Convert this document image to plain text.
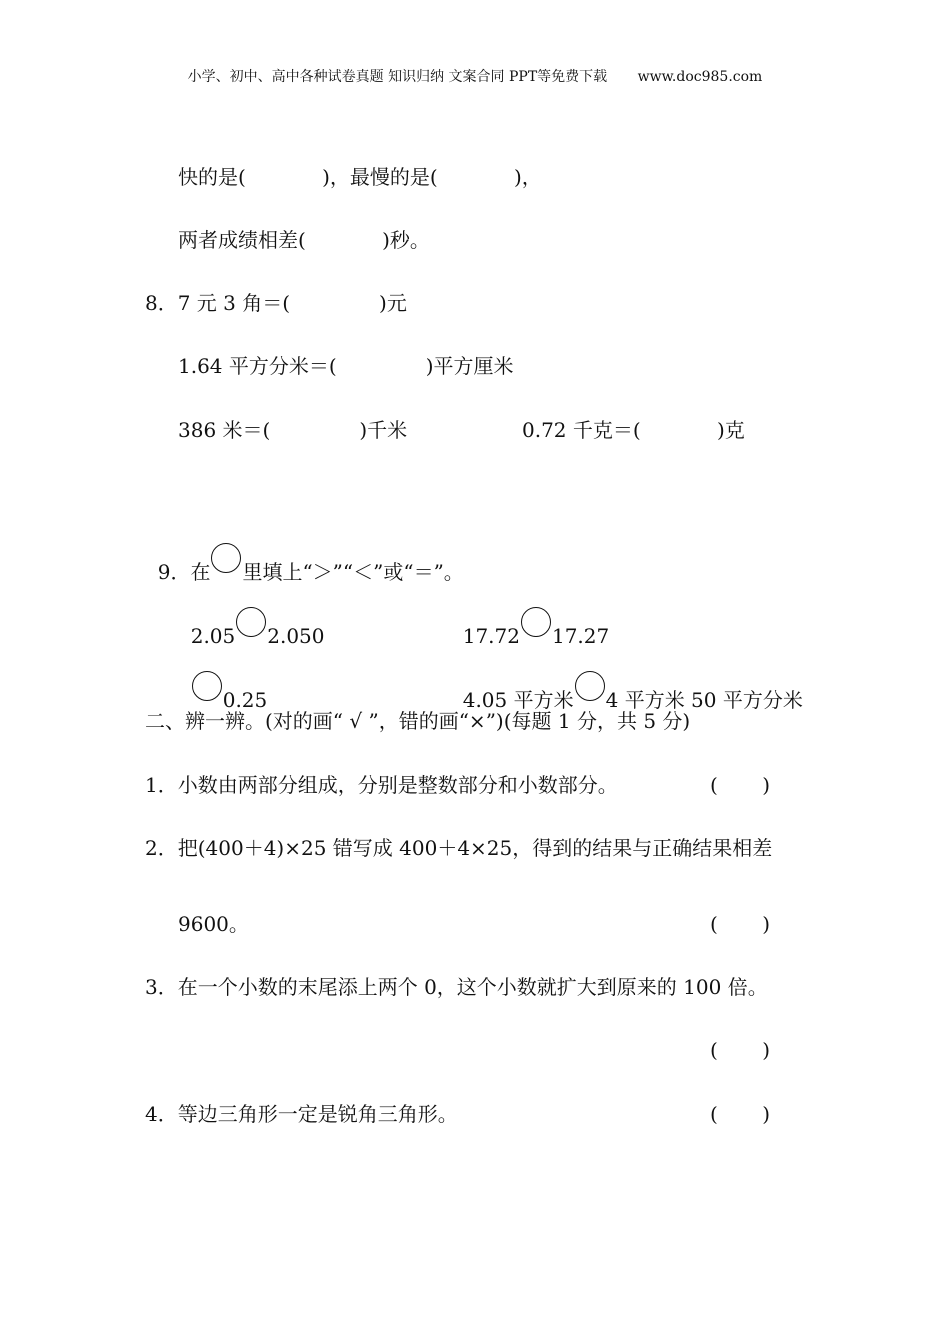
小学、初中、高中各种试卷真题 知识归纳 文案合同 PPT等免费下载 www.doc985.com
快的是(            )，最慢的是(            )，
两者成绩相差(            )秒。
8．7 元 3 角＝(              )元
1.64 平方分米＝(              )平方厘米
386 米＝(              )千米	0.72 千克＝(            )克

9．在 里填上“＞”“＜”或“＝”。

2.05 2.050	17.72 17.27

0.25	4.05 平方米 4 平方米 50 平方分米

二、辨一辨。(对的画“ √ ”，错的画“×”)(每题 1 分，共 5 分)
1．小数由两部分组成，分别是整数部分和小数部分。	(       )
2．把(400＋4)×25 错写成 400＋4×25，得到的结果与正确结果相差
9600。	(       )
3．在一个小数的末尾添上两个 0，这个小数就扩大到原来的 100 倍。
(       )
4．等边三角形一定是锐角三角形。	(       )
